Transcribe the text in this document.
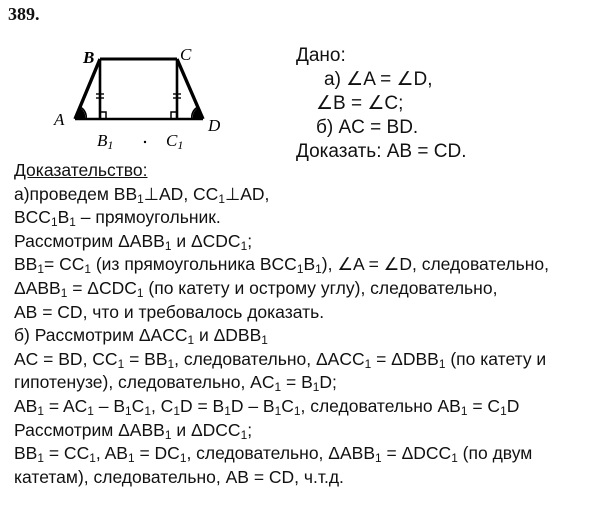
389.
A
B	C
D
B1	C1
Дано:
а) ∠A = ∠D,
∠B = ∠C;
б) AC = BD.
Доказать: AB = CD.
Доказательство:
а)проведем $BB_1\perp AD$, $CC_1\perp AD$,
$BCC_1B_1$ – прямоугольник.
Рассмотрим $\Delta ABB_1$ и $\Delta CDC_1$;
$BB_1= CC_1$ (из прямоугольника $BCC_1B_1$), ∠A = ∠D, следовательно,
$\Delta ABB_1 = \Delta CDC_1$ (по катету и острому углу), следовательно,
AB = CD, что и требовалось доказать.
б) Рассмотрим $\Delta ACC_1$ и $\Delta DBB_1$
AC = BD, $CC_1 = BB_1$, следовательно, $\Delta ACC_1 = \Delta DBB_1$ (по катету и
гипотенузе), следовательно, $AC_1 = B_1D$;
$AB_1 = AC_1 - B_1C_1$, $C_1D = B_1D - B_1C_1$, следовательно $AB_1 = C_1D$
Рассмотрим $\Delta ABB_1$ и $\Delta DCC_1$;
$BB_1 = CC_1$, $AB_1 = DC_1$, следовательно, $\Delta ABB_1 = \Delta DCC_1$ (по двум
катетам), следовательно, AB = CD, ч.т.д.
